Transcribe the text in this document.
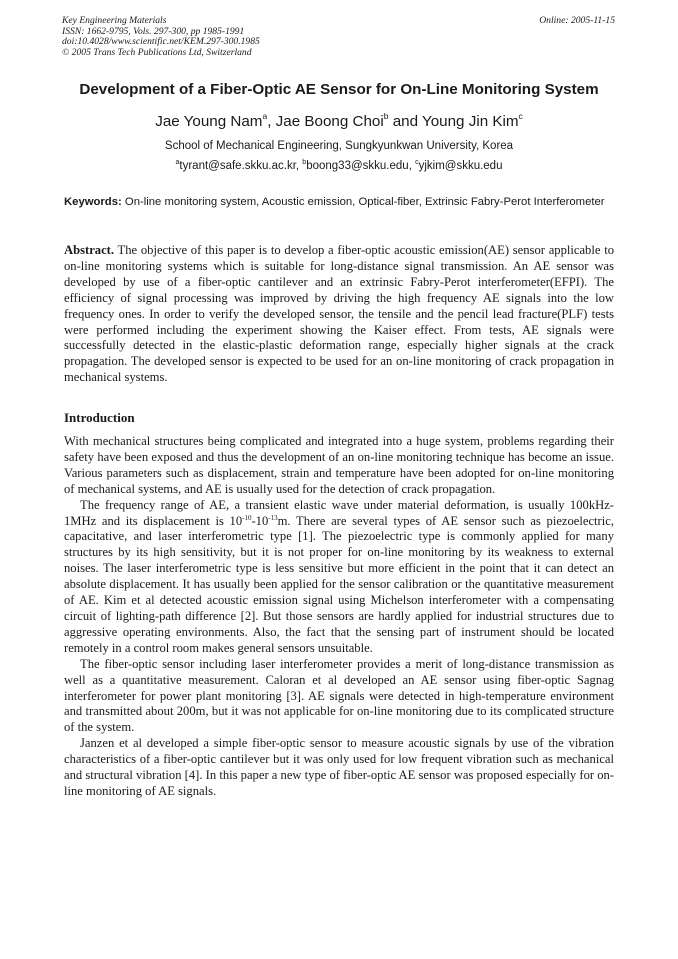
Key Engineering Materials
ISSN: 1662-9795, Vols. 297-300, pp 1985-1991
doi:10.4028/www.scientific.net/KEM.297-300.1985
© 2005 Trans Tech Publications Ltd, Switzerland
Online: 2005-11-15
Development of a Fiber-Optic AE Sensor for On-Line Monitoring System
Jae Young Nam$^a$, Jae Boong Choi$^b$ and Young Jin Kim$^c$
School of Mechanical Engineering, Sungkyunkwan University, Korea
$^a$tyrant@safe.skku.ac.kr, $^b$boong33@skku.edu, $^c$yjkim@skku.edu
Keywords: On-line monitoring system, Acoustic emission, Optical-fiber, Extrinsic Fabry-Perot Interferometer
Abstract. The objective of this paper is to develop a fiber-optic acoustic emission(AE) sensor applicable to on-line monitoring systems which is suitable for long-distance signal transmission. An AE sensor was developed by use of a fiber-optic cantilever and an extrinsic Fabry-Perot interferometer(EFPI). The efficiency of signal processing was improved by driving the high frequency AE signals into the low frequency ones. In order to verify the developed sensor, the tensile and the pencil lead fracture(PLF) tests were performed including the experiment showing the Kaiser effect. From tests, AE signals were successfully detected in the elastic-plastic deformation range, especially higher signals at the crack propagation. The developed sensor is expected to be used for an on-line monitoring of crack propagation in mechanical systems.
Introduction

With mechanical structures being complicated and integrated into a huge system, problems regarding their safety have been exposed and thus the development of an on-line monitoring technique has become an issue. Various parameters such as displacement, strain and temperature have been adopted for on-line monitoring of mechanical systems, and AE is usually used for the detection of crack propagation.

The frequency range of AE, a transient elastic wave under material deformation, is usually 100kHz-1MHz and its displacement is $10^{-10}-10^{-13}m$. There are several types of AE sensor such as piezoelectric, capacitative, and laser interferometric type [1]. The piezoelectric type is commonly applied for many structures by its high sensitivity, but it is not proper for on-line monitoring by its weakness to external noises. The laser interferometric type is less sensitive but more efficient in the point that it can detect an absolute displacement. It has usually been applied for the sensor calibration or the quantitative measurement of AE. Kim et al detected acoustic emission signal using Michelson interferometer with a compensating circuit of lighting-path difference [2]. But those sensors are hardly applied for industrial structures due to aggressive operating environments. Also, the fact that the sensing part of instrument should be located remotely in a control room makes general sensors unsuitable.

The fiber-optic sensor including laser interferometer provides a merit of long-distance transmission as well as a quantitative measurement. Caloran et al developed an AE sensor using fiber-optic Sagnag interferometer for power plant monitoring [3]. AE signals were detected in high-temperature environment and transmitted about 200m, but it was not applicable for on-line monitoring due to its complicated structure of the system.

Janzen et al developed a simple fiber-optic sensor to measure acoustic signals by use of the vibration characteristics of a fiber-optic cantilever but it was only used for low frequent vibration such as mechanical and structural vibration [4]. In this paper a new type of fiber-optic AE sensor was proposed especially for on-line monitoring of AE signals.
